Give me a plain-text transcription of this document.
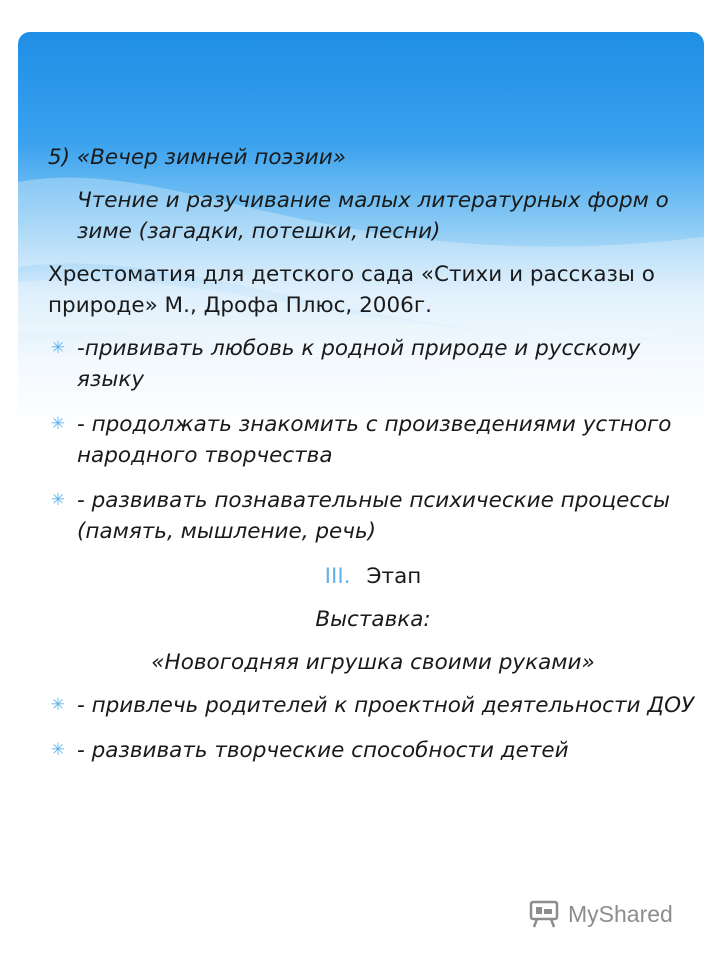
5) «Вечер зимней поэзии»
Чтение и разучивание малых литературных форм о зиме (загадки, потешки, песни)
Хрестоматия для детского сада «Стихи и рассказы о природе» М., Дрофа Плюс, 2006г.
✳ -прививать любовь к родной природе и русскому языку
✳ - продолжать знакомить с произведениями устного народного творчества
✳ - развивать познавательные психические процессы (память, мышление, речь)
III. Этап
Выставка:
«Новогодняя игрушка своими руками»
✳ - привлечь родителей к проектной деятельности ДОУ
✳ - развивать творческие способности детей
MyShared
